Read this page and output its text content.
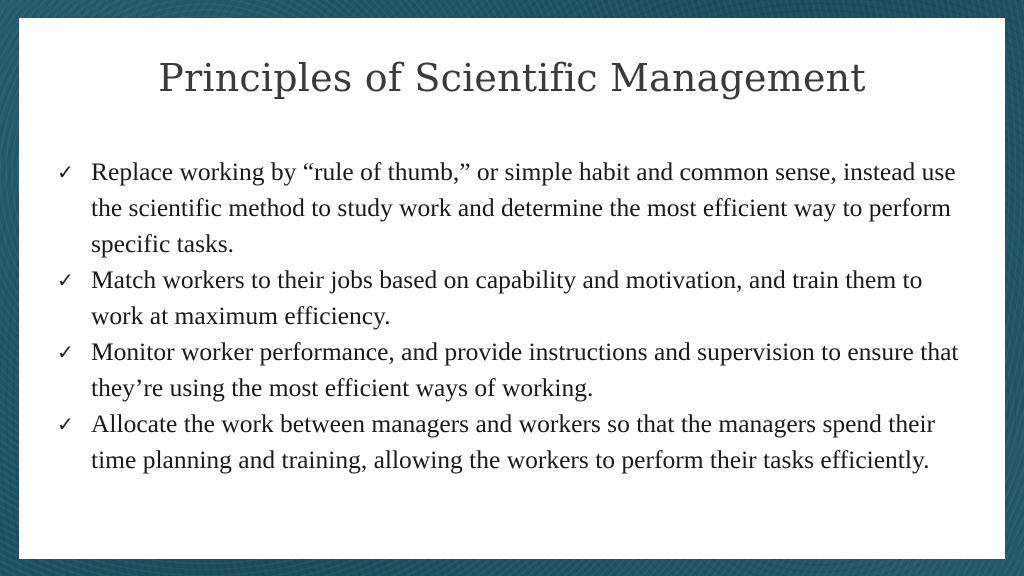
Principles of Scientific Management
✓ Replace working by “rule of thumb,” or simple habit and common sense, instead use the scientific method to study work and determine the most efficient way to perform specific tasks.
✓ Match workers to their jobs based on capability and motivation, and train them to work at maximum efficiency.
✓ Monitor worker performance, and provide instructions and supervision to ensure that they’re using the most efficient ways of working.
✓ Allocate the work between managers and workers so that the managers spend their time planning and training, allowing the workers to perform their tasks efficiently.
